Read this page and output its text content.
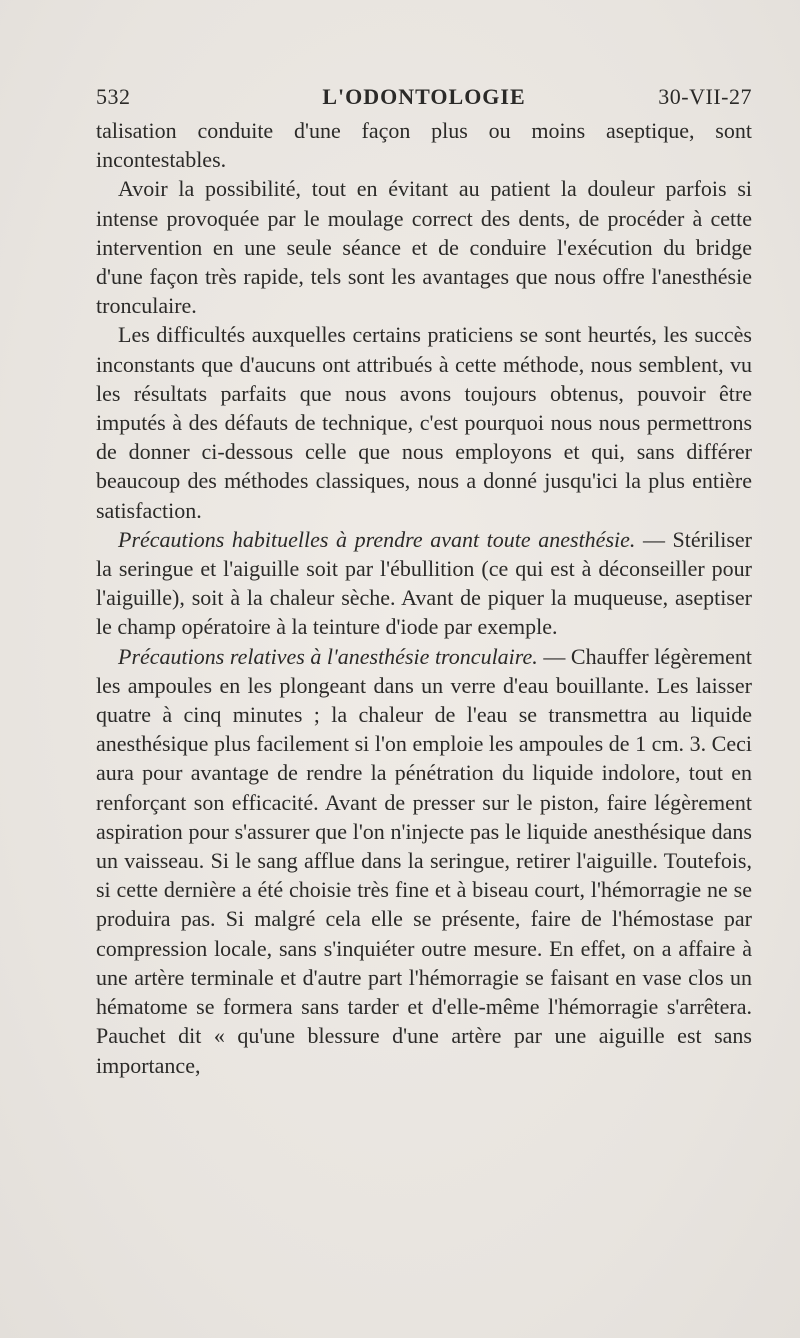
532	L'ODONTOLOGIE	30-VII-27

talisation conduite d'une façon plus ou moins aseptique, sont incontestables.

Avoir la possibilité, tout en évitant au patient la douleur parfois si intense provoquée par le moulage correct des dents, de procéder à cette intervention en une seule séance et de conduire l'exécution du bridge d'une façon très rapide, tels sont les avantages que nous offre l'anesthésie tronculaire.

Les difficultés auxquelles certains praticiens se sont heurtés, les succès inconstants que d'aucuns ont attribués à cette méthode, nous semblent, vu les résultats parfaits que nous avons toujours obtenus, pouvoir être imputés à des défauts de technique, c'est pourquoi nous nous permettrons de donner ci-dessous celle que nous employons et qui, sans différer beaucoup des méthodes classiques, nous a donné jusqu'ici la plus entière satisfaction.

Précautions habituelles à prendre avant toute anesthésie. — Stériliser la seringue et l'aiguille soit par l'ébullition (ce qui est à déconseiller pour l'aiguille), soit à la chaleur sèche. Avant de piquer la muqueuse, aseptiser le champ opératoire à la teinture d'iode par exemple.

Précautions relatives à l'anesthésie tronculaire. — Chauffer légèrement les ampoules en les plongeant dans un verre d'eau bouillante. Les laisser quatre à cinq minutes ; la chaleur de l'eau se transmettra au liquide anesthésique plus facilement si l'on emploie les ampoules de 1 cm. 3. Ceci aura pour avantage de rendre la pénétration du liquide indolore, tout en renforçant son efficacité. Avant de presser sur le piston, faire légèrement aspiration pour s'assurer que l'on n'injecte pas le liquide anesthésique dans un vaisseau. Si le sang afflue dans la seringue, retirer l'aiguille. Toutefois, si cette dernière a été choisie très fine et à biseau court, l'hémorragie ne se produira pas. Si malgré cela elle se présente, faire de l'hémostase par compression locale, sans s'inquiéter outre mesure. En effet, on a affaire à une artère terminale et d'autre part l'hémorragie se faisant en vase clos un hématome se formera sans tarder et d'elle-même l'hémorragie s'arrêtera. Pauchet dit « qu'une blessure d'une artère par une aiguille est sans importance,
